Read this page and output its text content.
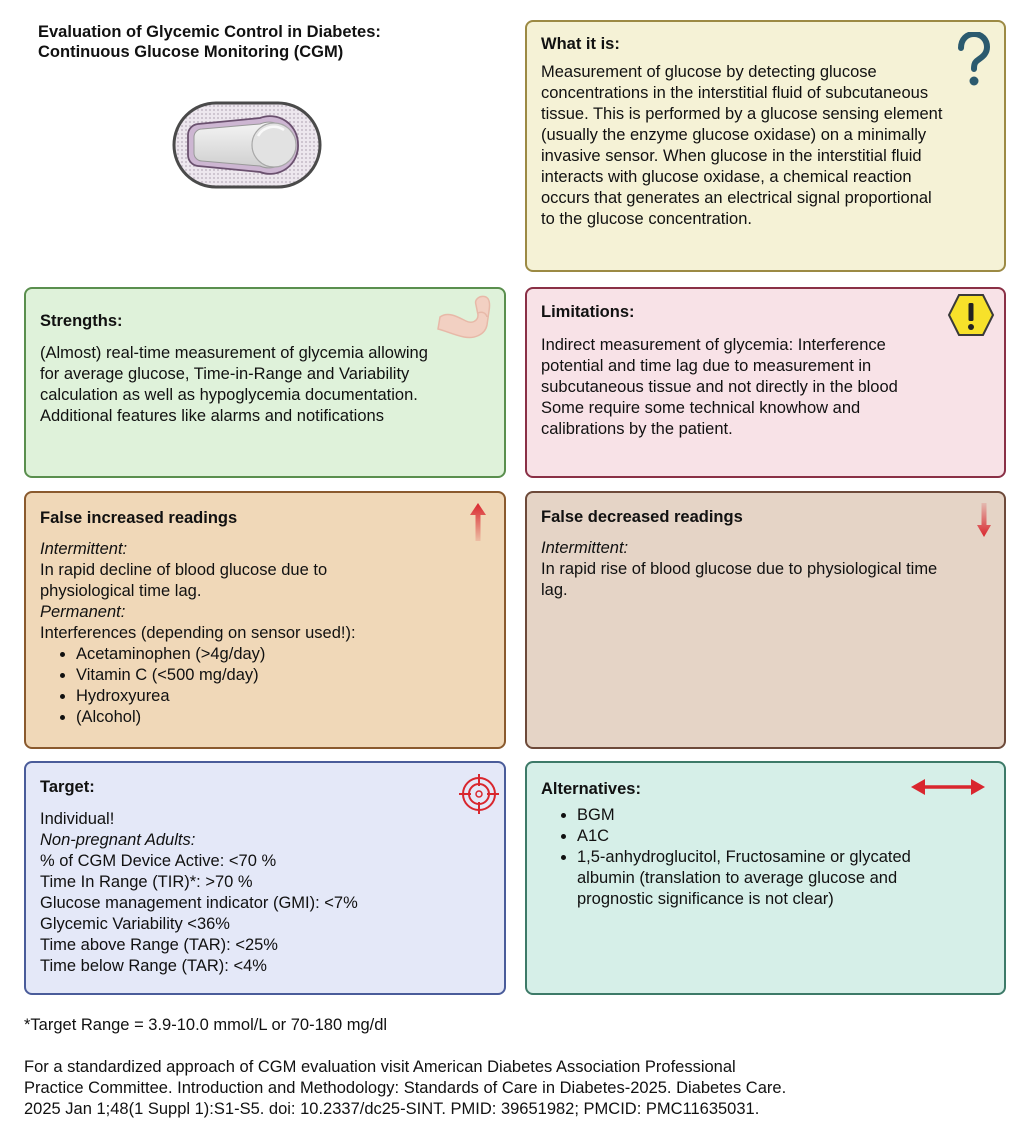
Evaluation of Glycemic Control in Diabetes:
Continuous Glucose Monitoring (CGM)	What it is:

Measurement of glucose by detecting glucose concentrations in the interstitial fluid of subcutaneous tissue. This is performed by a glucose sensing element (usually the enzyme glucose oxidase) on a minimally invasive sensor. When glucose in the interstitial fluid interacts with glucose oxidase, a chemical reaction occurs that generates an electrical signal proportional to the glucose concentration.

Strengths:

(Almost) real-time measurement of glycemia allowing for average glucose, Time-in-Range and Variability calculation as well as hypoglycemia documentation.

Additional features like alarms and notifications

Limitations:

Indirect measurement of glycemia: Interference potential and time lag due to measurement in subcutaneous tissue and not directly in the blood

Some require some technical knowhow and calibrations by the patient.

False increased readings

Intermittent:

In rapid decline of blood glucose due to physiological time lag.

Permanent:

Interferences (depending on sensor used!):

• Acetaminophen (>4g/day)
• Vitamin C (<500 mg/day)
• Hydroxyurea
• (Alcohol)
False decreased readings

Intermittent:

In rapid rise of blood glucose due to physiological time lag.

Target:

Individual!

Non-pregnant Adults:

% of CGM Device Active: <70 %

Time In Range (TIR)*: >70 %

Glucose management indicator (GMI): <7%

Glycemic Variability <36%

Time above Range (TAR): <25%

Time below Range (TAR): <4%

Alternatives:
• BGM
• A1C
• 1,5-anhydroglucitol, Fructosamine or glycated albumin (translation to average glucose and prognostic significance is not clear)
*Target Range = 3.9-10.0 mmol/L or 70-180 mg/dl
For a standardized approach of CGM evaluation visit American Diabetes Association Professional
Practice Committee. Introduction and Methodology: Standards of Care in Diabetes-2025. Diabetes Care.
2025 Jan 1;48(1 Suppl 1):S1-S5. doi: 10.2337/dc25-SINT. PMID: 39651982; PMCID: PMC11635031.
